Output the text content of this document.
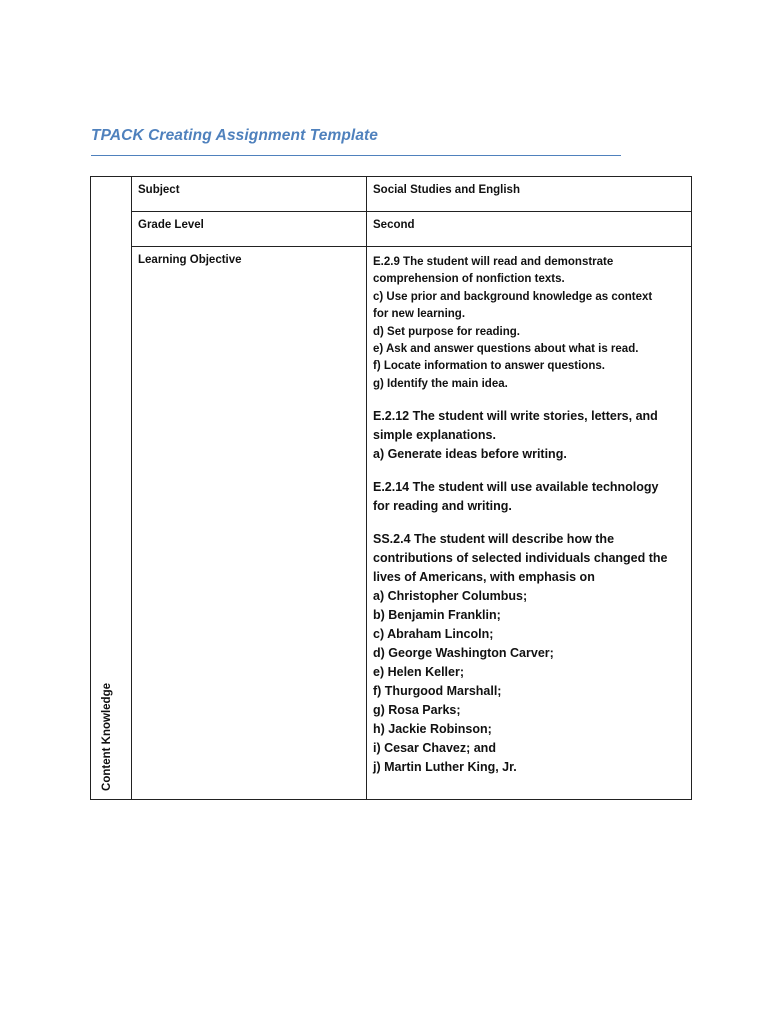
TPACK Creating Assignment Template
Content Knowledge
Subject	Social Studies and English
Grade Level	Second
Learning Objective	E.2.9 The student will read and demonstrate

comprehension of nonfiction texts.

c) Use prior and background knowledge as context

for new learning.

d) Set purpose for reading.

e) Ask and answer questions about what is read.

f) Locate information to answer questions.

g) Identify the main idea.

E.2.12 The student will write stories, letters, and

simple explanations.

a) Generate ideas before writing.

E.2.14 The student will use available technology

for reading and writing.

SS.2.4 The student will describe how the

contributions of selected individuals changed the

lives of Americans, with emphasis on

a) Christopher Columbus;

b) Benjamin Franklin;

c) Abraham Lincoln;

d) George Washington Carver;

e) Helen Keller;

f) Thurgood Marshall;

g) Rosa Parks;

h) Jackie Robinson;

i) Cesar Chavez; and

j) Martin Luther King, Jr.
